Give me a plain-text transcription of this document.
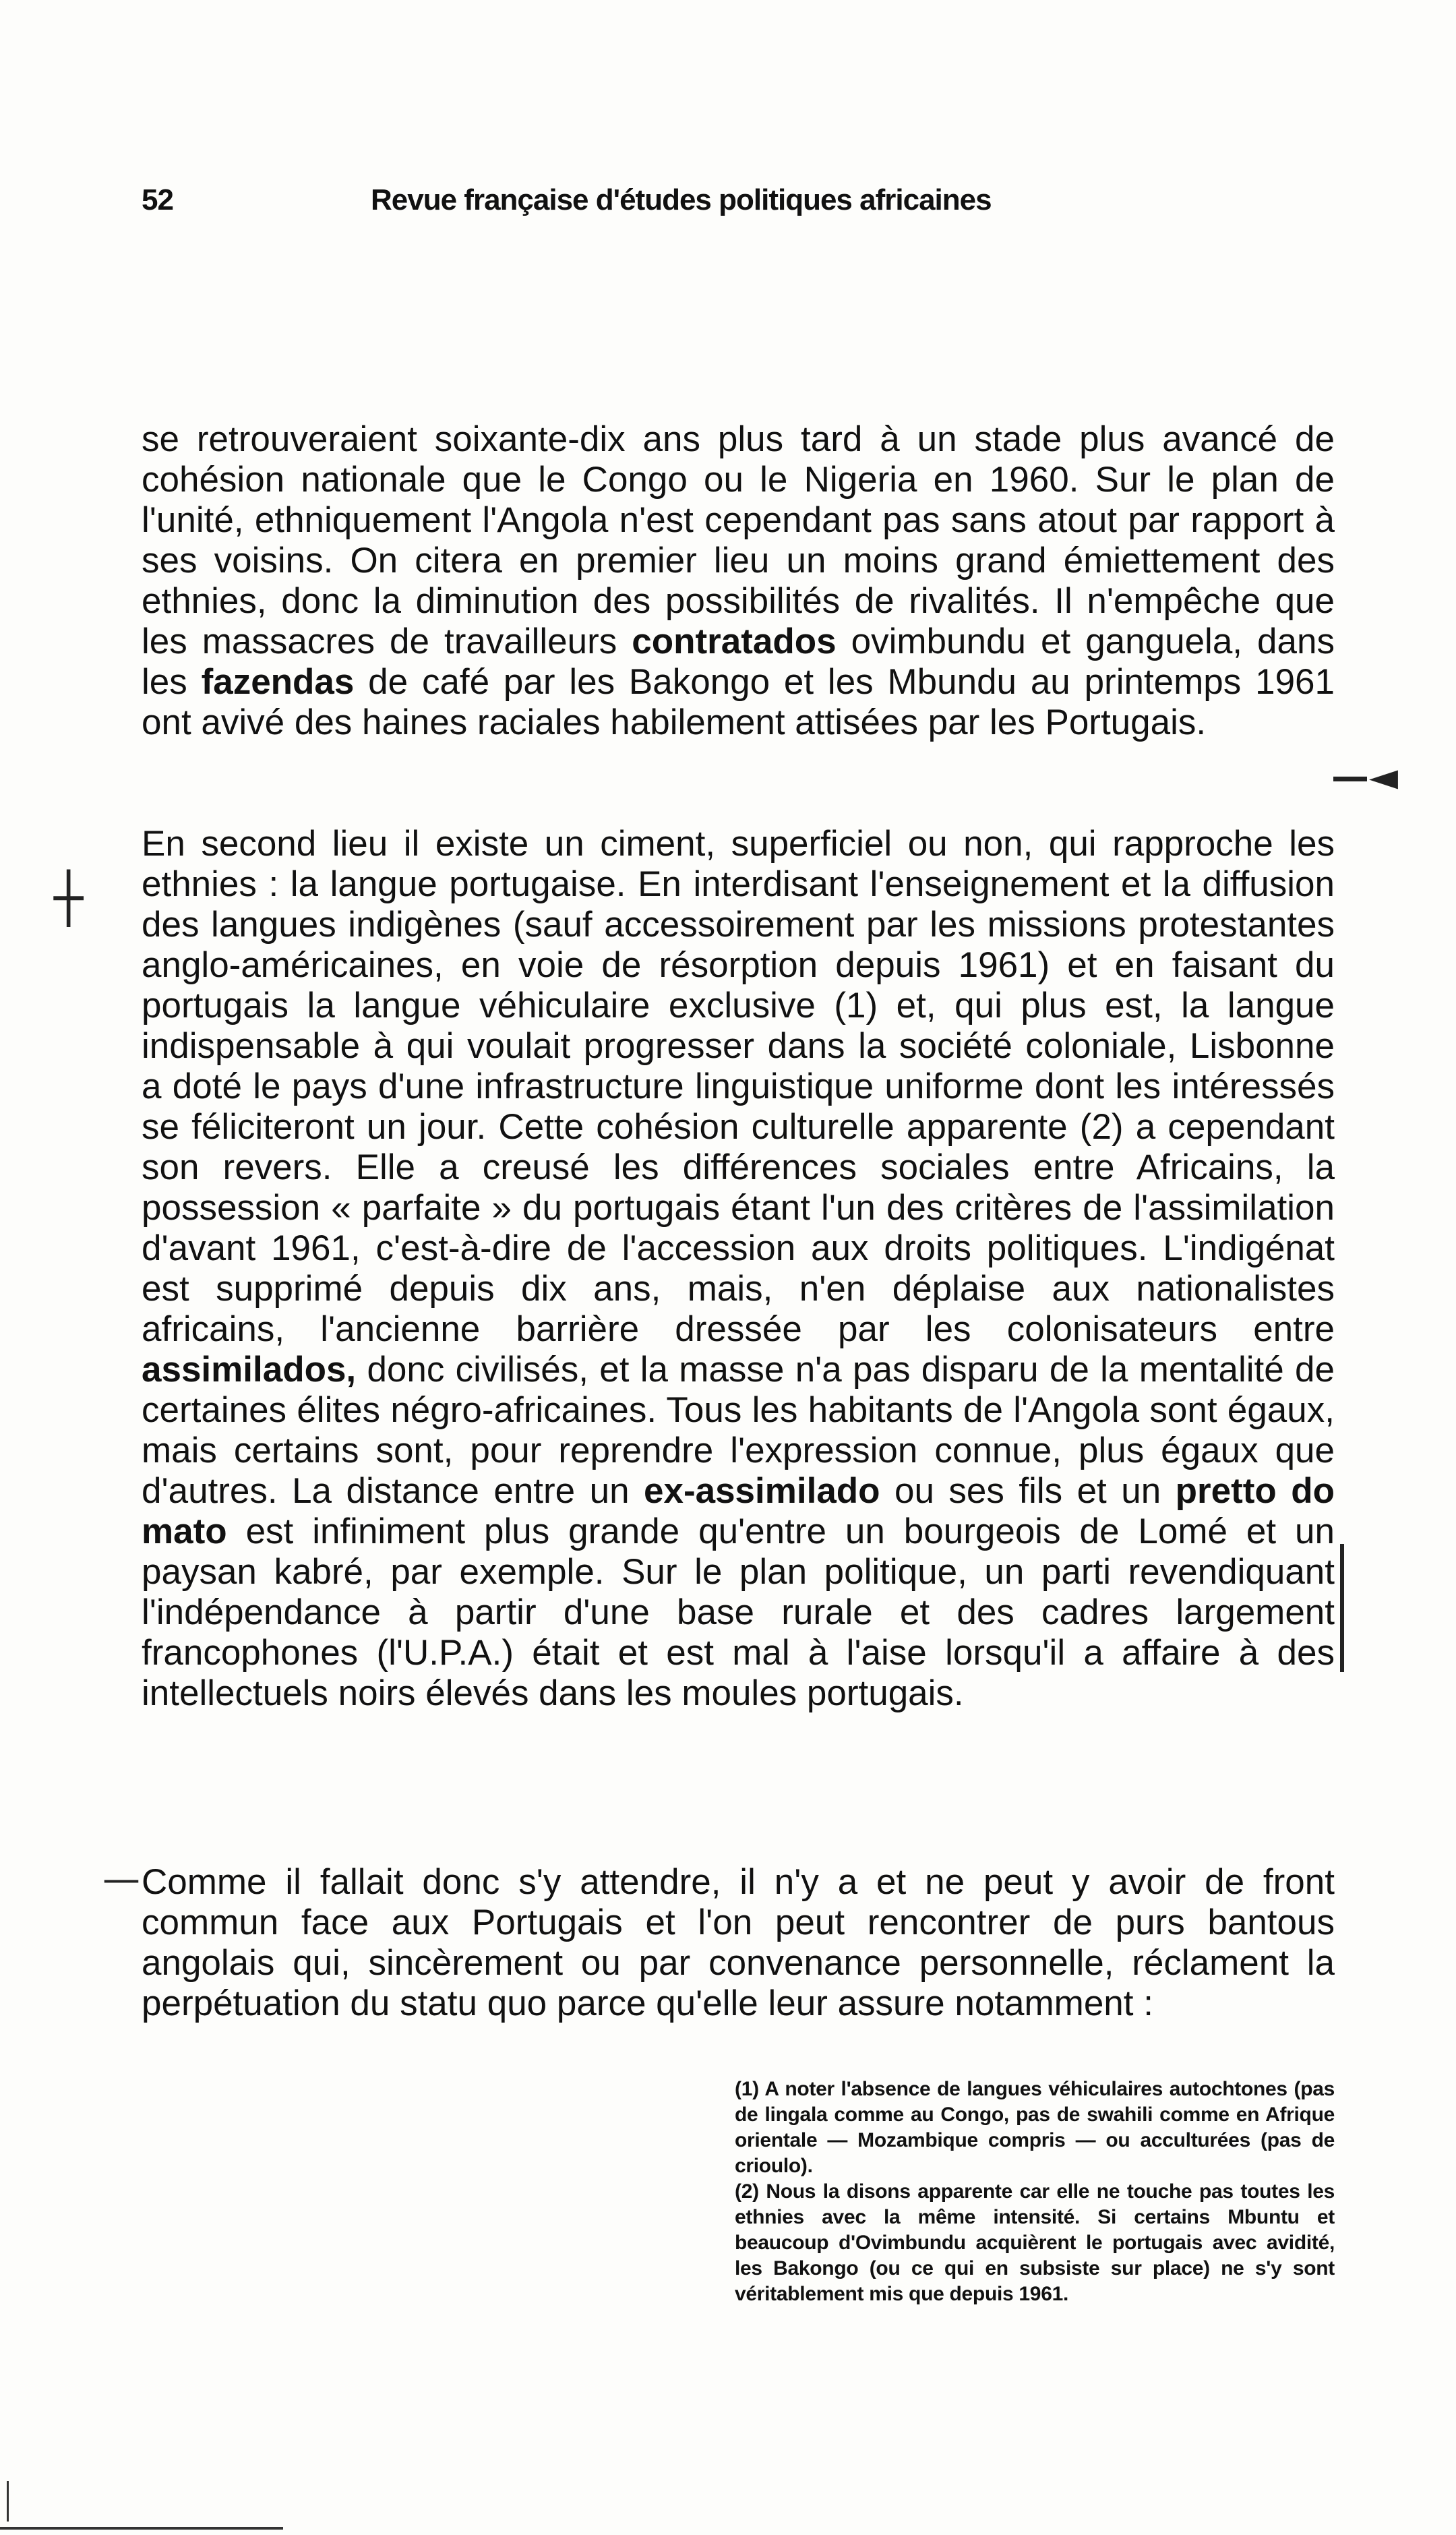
52	Revue française d'études politiques africaines
se retrouveraient soixante-dix ans plus tard à un stade plus avancé de cohésion nationale que le Congo ou le Nigeria en 1960. Sur le plan de l'unité, ethniquement l'Angola n'est cependant pas sans atout par rapport à ses voisins. On citera en premier lieu un moins grand émiettement des ethnies, donc la diminution des possibilités de rivalités. Il n'empêche que les massacres de travailleurs contratados ovimbundu et ganguela, dans les fazendas de café par les Bakongo et les Mbundu au printemps 1961 ont avivé des haines raciales habilement attisées par les Portugais.
En second lieu il existe un ciment, superficiel ou non, qui rapproche les ethnies : la langue portugaise. En interdisant l'enseignement et la diffusion des langues indigènes (sauf accessoirement par les missions protestantes anglo-américaines, en voie de résorption depuis 1961) et en faisant du portugais la langue véhiculaire exclusive (1) et, qui plus est, la langue indispensable à qui voulait progresser dans la société coloniale, Lisbonne a doté le pays d'une infrastructure linguistique uniforme dont les intéressés se féliciteront un jour. Cette cohésion culturelle apparente (2) a cependant son revers. Elle a creusé les différences sociales entre Africains, la possession « parfaite » du portugais étant l'un des critères de l'assimilation d'avant 1961, c'est-à-dire de l'accession aux droits politiques. L'indigénat est supprimé depuis dix ans, mais, n'en déplaise aux nationalistes africains, l'ancienne barrière dressée par les colonisateurs entre assimilados, donc civilisés, et la masse n'a pas disparu de la mentalité de certaines élites négro-africaines. Tous les habitants de l'Angola sont égaux, mais certains sont, pour reprendre l'expression connue, plus égaux que d'autres. La distance entre un ex-assimilado ou ses fils et un pretto do mato est infiniment plus grande qu'entre un bourgeois de Lomé et un paysan kabré, par exemple. Sur le plan politique, un parti revendiquant l'indépendance à partir d'une base rurale et des cadres largement francophones (l'U.P.A.) était et est mal à l'aise lorsqu'il a affaire à des intellectuels noirs élevés dans les moules portugais.
Comme il fallait donc s'y attendre, il n'y a et ne peut y avoir de front commun face aux Portugais et l'on peut rencontrer de purs bantous angolais qui, sincèrement ou par convenance personnelle, réclament la perpétuation du statu quo parce qu'elle leur assure notamment :

(1) A noter l'absence de langues véhiculaires autochtones (pas de lingala comme au Congo, pas de swahili comme en Afrique orientale — Mozambique compris — ou acculturées (pas de crioulo).

(2) Nous la disons apparente car elle ne touche pas toutes les ethnies avec la même intensité. Si certains Mbuntu et beaucoup d'Ovimbundu acquièrent le portugais avec avidité, les Bakongo (ou ce qui en subsiste sur place) ne s'y sont véritablement mis que depuis 1961.

—◄
┼
—
